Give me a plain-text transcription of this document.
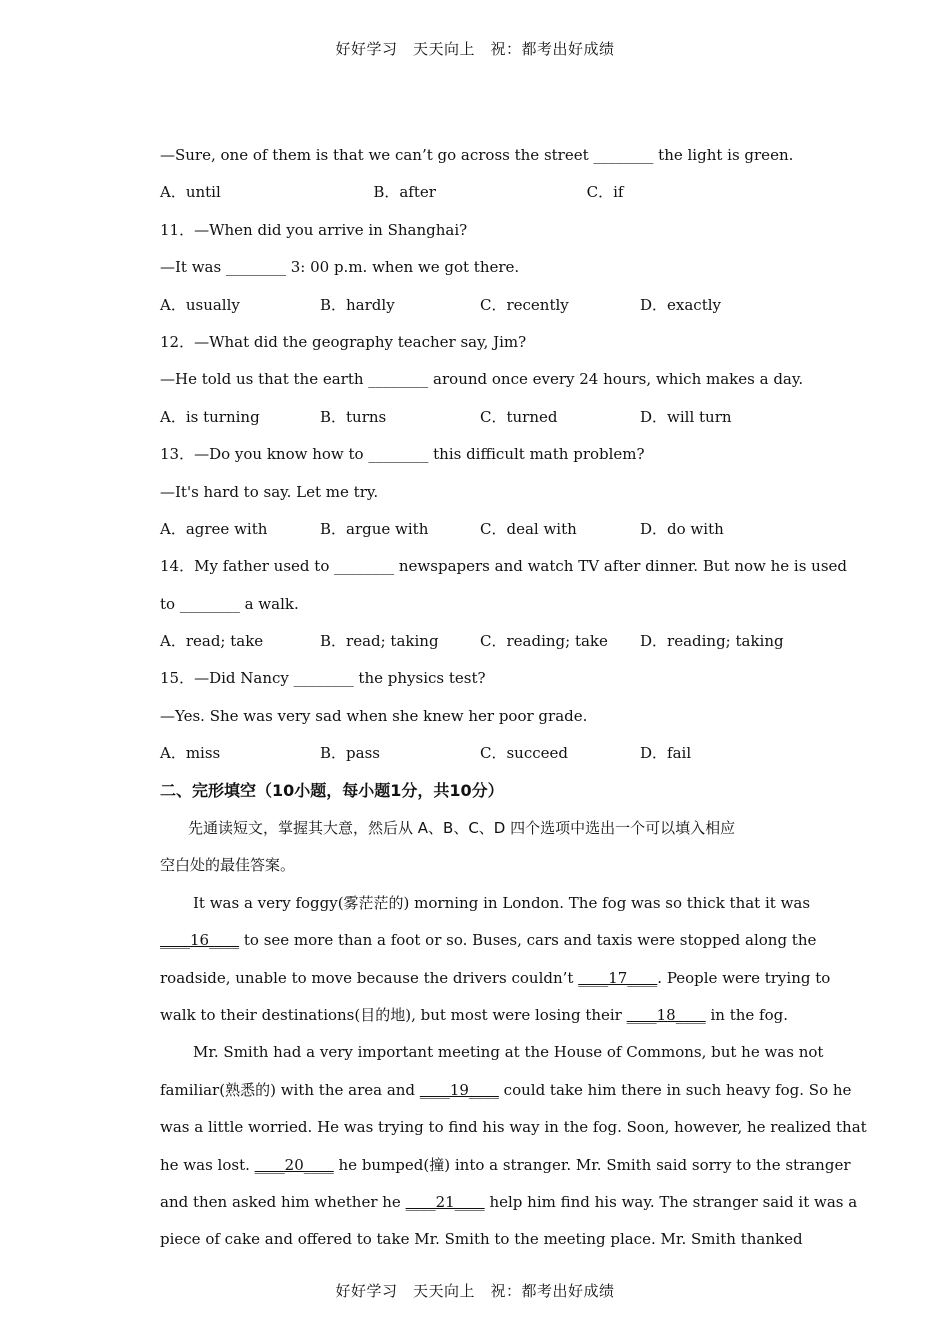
好好学习　天天向上　祝：都考出好成绩
—Sure, one of them is that we can’t go across the street ________ the light is green.
A．until	B．after	C．if
11．—When did you arrive in Shanghai?
—It was ________ 3: 00 p.m. when we got there.
A．usually	B．hardly	C．recently	D．exactly
12．—What did the geography teacher say, Jim?
—He told us that the earth ________ around once every 24 hours, which makes a day.
A．is turning	B．turns	C．turned	D．will turn
13．—Do you know how to ________ this difficult math problem?
—It's hard to say. Let me try.
A．agree with	B．argue with	C．deal with	D．do with
14．My father used to ________ newspapers and watch TV after dinner. But now he is used
to ________ a walk.
A．read; take	B．read; taking	C．reading; take	D．reading; taking
15．—Did Nancy ________ the physics test?
—Yes. She was very sad when she knew her poor grade.
A．miss	B．pass	C．succeed	D．fail
二、完形填空（10小题，每小题1分，共10分）
先通读短文，掌握其大意，然后从 A、B、C、D 四个选项中选出一个可以填入相应
空白处的最佳答案。
It was a very foggy(雾茫茫的) morning in London. The fog was so thick that it was
____16____ to see more than a foot or so. Buses, cars and taxis were stopped along the
roadside, unable to move because the drivers couldn’t ____17____. People were trying to
walk to their destinations(目的地), but most were losing their ____18____ in the fog.
Mr. Smith had a very important meeting at the House of Commons, but he was not
familiar(熟悉的) with the area and ____19____ could take him there in such heavy fog. So he
was a little worried. He was trying to find his way in the fog. Soon, however, he realized that
he was lost. ____20____ he bumped(撞) into a stranger. Mr. Smith said sorry to the stranger
and then asked him whether he ____21____ help him find his way. The stranger said it was a
piece of cake and offered to take Mr. Smith to the meeting place. Mr. Smith thanked
好好学习　天天向上　祝：都考出好成绩
